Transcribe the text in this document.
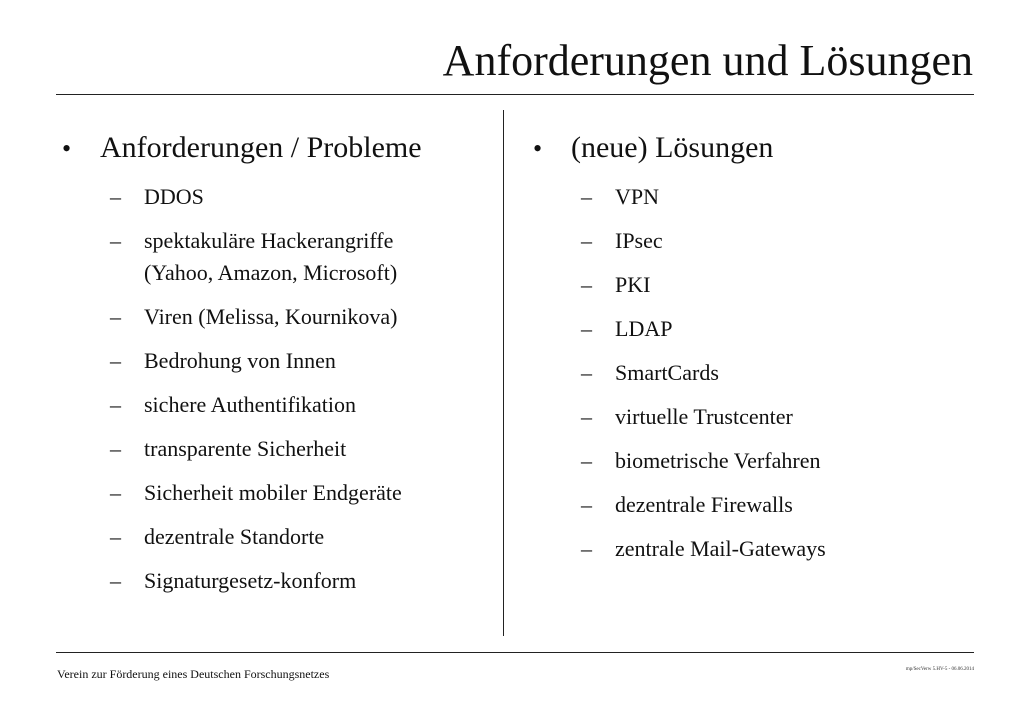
Anforderungen und Lösungen
• Anforderungen / Probleme
–	DDOS
–	spektakuläre Hackerangriffe
(Yahoo, Amazon, Microsoft)
–	Viren (Melissa, Kournikova)
–	Bedrohung von Innen
–	sichere Authentifikation
–	transparente Sicherheit
–	Sicherheit mobiler Endgeräte
–	dezentrale Standorte
–	Signaturgesetz-konform
• (neue) Lösungen
–	VPN
–	IPsec
–	PKI
–	LDAP
–	SmartCards
–	virtuelle Trustcenter
–	biometrische Verfahren
–	dezentrale Firewalls
–	zentrale Mail-Gateways
Verein zur Förderung eines Deutschen Forschungsnetzes	mp/SecVerw 5.HV-5 - 06.06.2014
